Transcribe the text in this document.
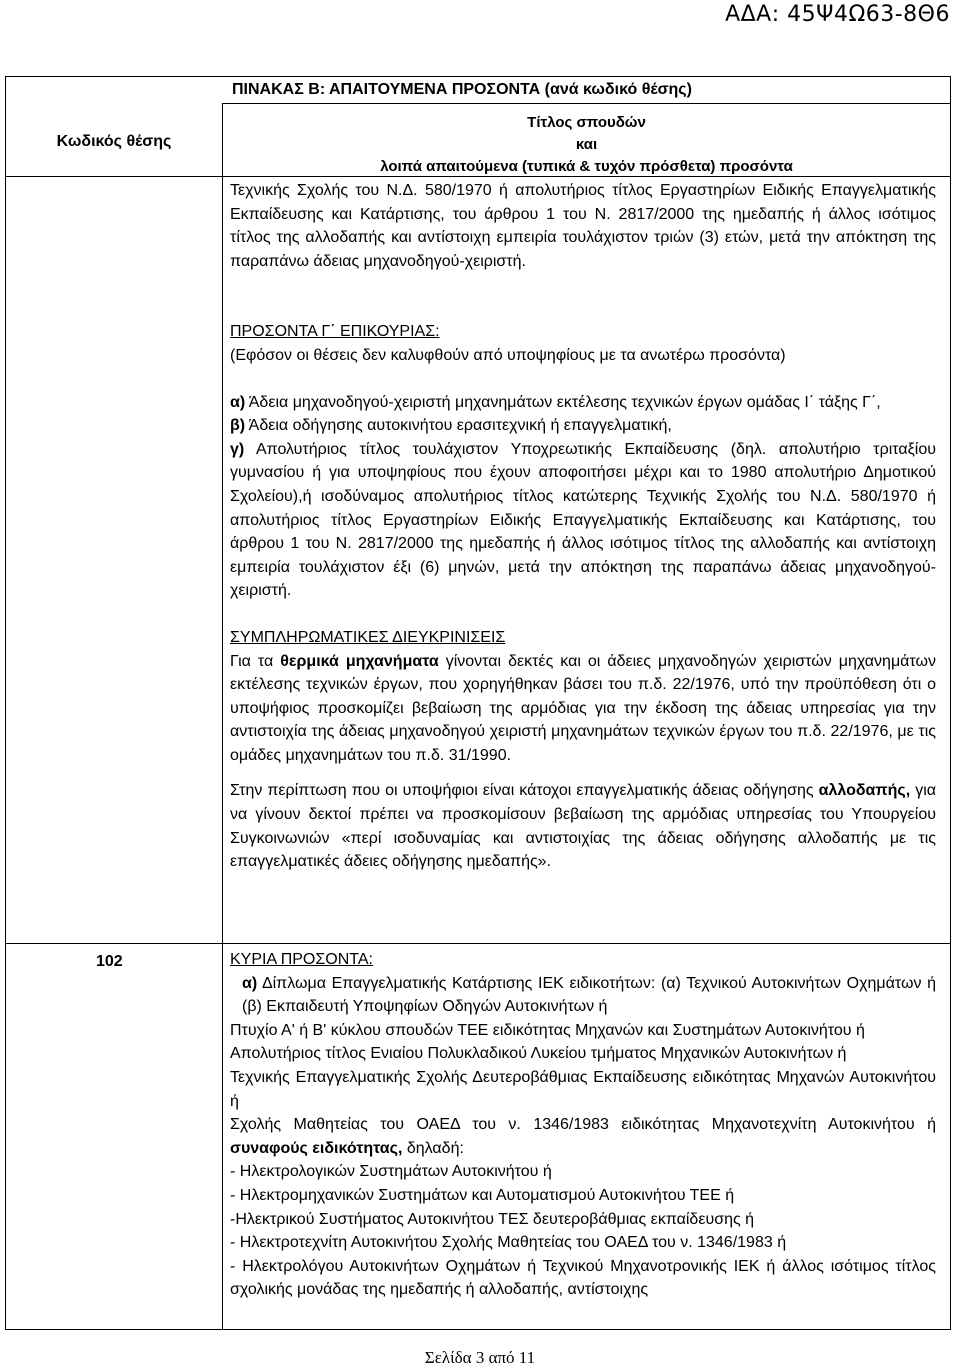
ΑΔΑ: 45Ψ4Ω63-8Θ6
ΠΙΝΑΚΑΣ Β: ΑΠΑΙΤΟΥΜΕΝΑ ΠΡΟΣΟΝΤΑ (ανά κωδικό θέσης)
Κωδικός θέσης
Τίτλος σπουδών
και
λοιπά απαιτούμενα (τυπικά & τυχόν πρόσθετα) προσόντα

Τεχνικής Σχολής του Ν.Δ. 580/1970 ή απολυτήριος τίτλος Εργαστηρίων Ειδικής Επαγγελματικής Εκπαίδευσης και Κατάρτισης, του άρθρου 1 του Ν. 2817/2000 της ημεδαπής ή άλλος ισότιμος τίτλος της αλλοδαπής και αντίστοιχη εμπειρία τουλάχιστον τριών (3) ετών, μετά την απόκτηση της παραπάνω άδειας μηχανοδηγού-χειριστή.

ΠΡΟΣΟΝΤΑ Γ΄ ΕΠΙΚΟΥΡΙΑΣ:

(Εφόσον οι θέσεις δεν καλυφθούν από υποψηφίους με τα ανωτέρω προσόντα)

α) Άδεια μηχανοδηγού-χειριστή μηχανημάτων εκτέλεσης τεχνικών έργων ομάδας Ι΄ τάξης Γ΄,

β) Άδεια οδήγησης αυτοκινήτου ερασιτεχνική ή επαγγελματική,

γ) Απολυτήριος τίτλος τουλάχιστον Υποχρεωτικής Εκπαίδευσης (δηλ. απολυτήριο τριταξίου γυμνασίου ή για υποψηφίους που έχουν αποφοιτήσει μέχρι και το 1980 απολυτήριο Δημοτικού Σχολείου),ή ισοδύναμος απολυτήριος τίτλος κατώτερης Τεχνικής Σχολής του Ν.Δ. 580/1970 ή απολυτήριος τίτλος Εργαστηρίων Ειδικής Επαγγελματικής Εκπαίδευσης και Κατάρτισης, του άρθρου 1 του Ν. 2817/2000 της ημεδαπής ή άλλος ισότιμος τίτλος της αλλοδαπής και αντίστοιχη εμπειρία τουλάχιστον έξι (6) μηνών, μετά την απόκτηση της παραπάνω άδειας μηχανοδηγού-χειριστή.

ΣΥΜΠΛΗΡΩΜΑΤΙΚΕΣ ΔΙΕΥΚΡΙΝΙΣΕΙΣ

Για τα θερμικά μηχανήματα γίνονται δεκτές και οι άδειες μηχανοδηγών χειριστών μηχανημάτων εκτέλεσης τεχνικών έργων, που χορηγήθηκαν βάσει του π.δ. 22/1976, υπό την προϋπόθεση ότι ο υποψήφιος προσκομίζει βεβαίωση της αρμόδιας για την έκδοση της άδειας υπηρεσίας για την αντιστοιχία της άδειας μηχανοδηγού χειριστή μηχανημάτων τεχνικών έργων του π.δ. 22/1976, με τις ομάδες μηχανημάτων του π.δ. 31/1990.

Στην περίπτωση που οι υποψήφιοι είναι κάτοχοι επαγγελματικής άδειας οδήγησης αλλοδαπής, για να γίνουν δεκτοί πρέπει να προσκομίσουν βεβαίωση της αρμόδιας υπηρεσίας του Υπουργείου Συγκοινωνιών «περί ισοδυναμίας και αντιστοιχίας της άδειας οδήγησης αλλοδαπής με τις επαγγελματικές άδειες οδήγησης ημεδαπής».

102	ΚΥΡΙΑ ΠΡΟΣΟΝΤΑ:

α) Δίπλωμα Επαγγελματικής Κατάρτισης ΙΕΚ ειδικοτήτων: (α) Τεχνικού Αυτοκινήτων Οχημάτων ή (β) Εκπαιδευτή Υποψηφίων Οδηγών Αυτοκινήτων ή

Πτυχίο Α' ή Β' κύκλου σπουδών ΤΕΕ ειδικότητας Μηχανών και Συστημάτων Αυτοκινήτου ή

Απολυτήριος τίτλος Ενιαίου Πολυκλαδικού Λυκείου τμήματος Μηχανικών Αυτοκινήτων ή

Τεχνικής Επαγγελματικής Σχολής Δευτεροβάθμιας Εκπαίδευσης ειδικότητας Μηχανών Αυτοκινήτου ή

Σχολής Μαθητείας του ΟΑΕΔ του ν. 1346/1983 ειδικότητας Μηχανοτεχνίτη Αυτοκινήτου ή συναφούς ειδικότητας, δηλαδή:

- Ηλεκτρολογικών Συστημάτων Αυτοκινήτου ή

- Ηλεκτρομηχανικών Συστημάτων και Αυτοματισμού Αυτοκινήτου ΤΕΕ ή

-Ηλεκτρικού Συστήματος Αυτοκινήτου ΤΕΣ δευτεροβάθμιας εκπαίδευσης ή

- Ηλεκτροτεχνίτη Αυτοκινήτου Σχολής Μαθητείας του ΟΑΕΔ του ν. 1346/1983 ή

- Ηλεκτρολόγου Αυτοκινήτων Οχημάτων ή Τεχνικού Μηχανοτρονικής ΙΕΚ ή άλλος ισότιμος τίτλος σχολικής μονάδας της ημεδαπής ή αλλοδαπής, αντίστοιχης

Σελίδα 3 από 11
